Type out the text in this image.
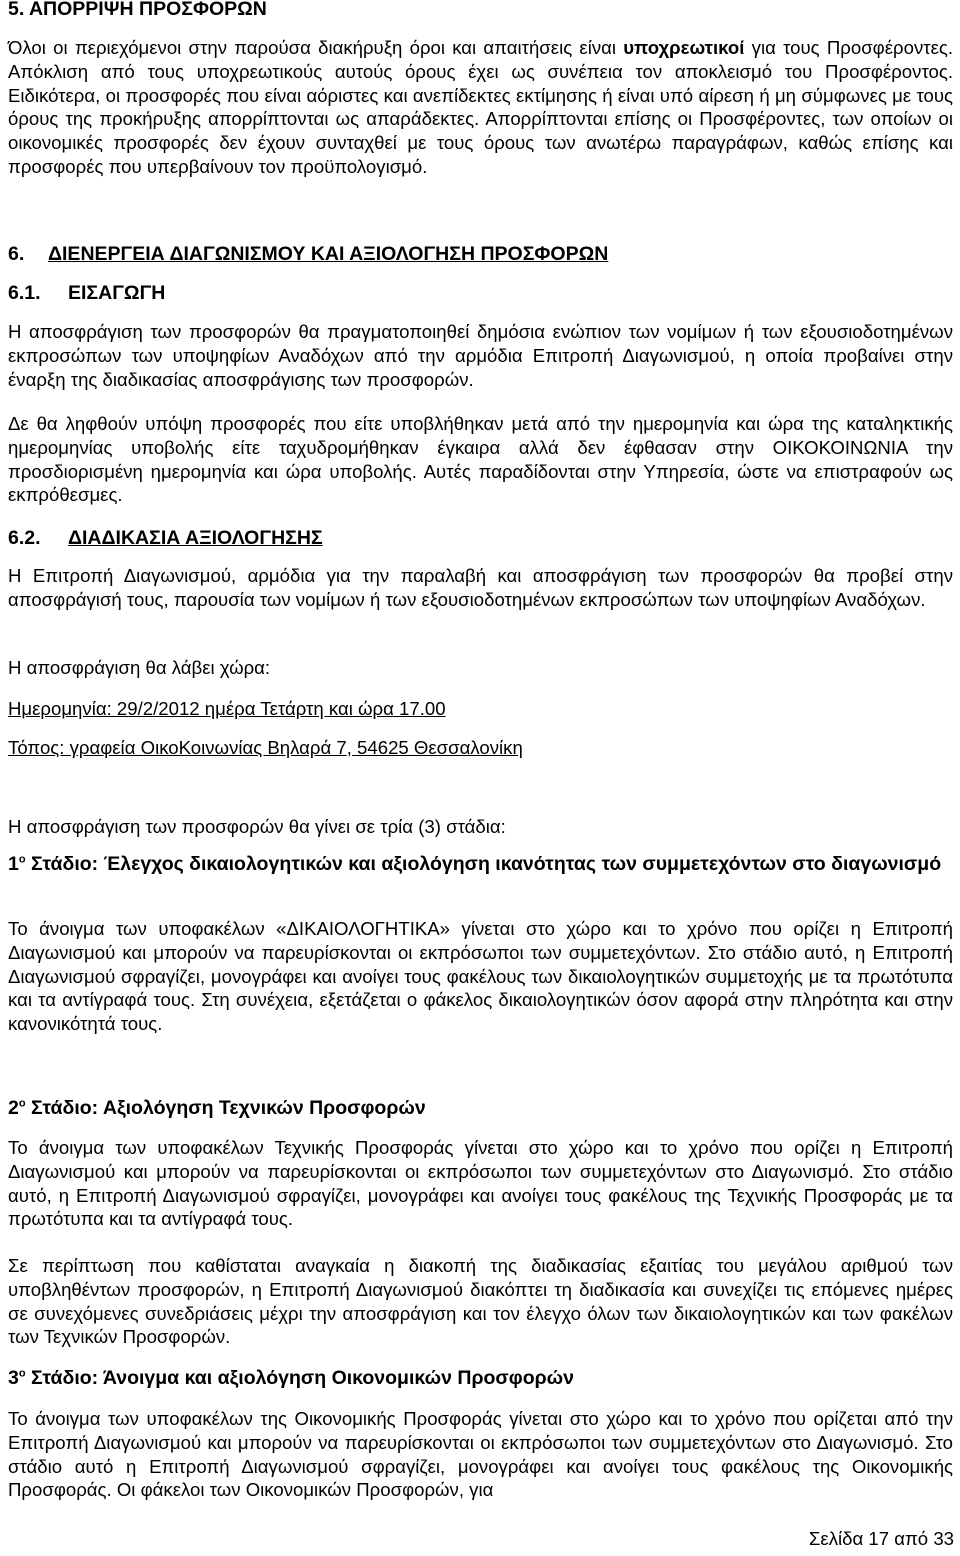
5. ΑΠΟΡΡΙΨΗ ΠΡΟΣΦΟΡΩΝ
Όλοι οι περιεχόμενοι στην παρούσα διακήρυξη όροι και απαιτήσεις είναι υποχρεωτικοί για τους Προσφέροντες. Απόκλιση από τους υποχρεωτικούς αυτούς όρους έχει ως συνέπεια τον αποκλεισμό του Προσφέροντος. Ειδικότερα, οι προσφορές που είναι αόριστες και ανεπίδεκτες εκτίμησης ή είναι υπό αίρεση ή μη σύμφωνες με τους όρους της προκήρυξης απορρίπτονται ως απαράδεκτες. Απορρίπτονται επίσης οι Προσφέροντες, των οποίων οι οικονομικές προσφορές δεν έχουν συνταχθεί με τους όρους των ανωτέρω παραγράφων, καθώς επίσης και προσφορές που υπερβαίνουν τον προϋπολογισμό.
6. ΔΙΕΝΕΡΓΕΙΑ ΔΙΑΓΩΝΙΣΜΟΥ ΚΑΙ ΑΞΙΟΛΟΓΗΣΗ ΠΡΟΣΦΟΡΩΝ
6.1. ΕΙΣΑΓΩΓΗ
Η αποσφράγιση των προσφορών θα πραγματοποιηθεί δημόσια ενώπιον των νομίμων ή των εξουσιοδοτημένων εκπροσώπων των υποψηφίων Αναδόχων από την αρμόδια Επιτροπή Διαγωνισμού, η οποία προβαίνει στην έναρξη της διαδικασίας αποσφράγισης των προσφορών.
Δε θα ληφθούν υπόψη προσφορές που είτε υποβλήθηκαν μετά από την ημερομηνία και ώρα της καταληκτικής ημερομηνίας υποβολής είτε ταχυδρομήθηκαν έγκαιρα αλλά δεν έφθασαν στην ΟΙΚΟΚΟΙΝΩΝΙΑ την προσδιορισμένη ημερομηνία και ώρα υποβολής. Αυτές παραδίδονται στην Υπηρεσία, ώστε να επιστραφούν ως εκπρόθεσμες.
6.2. ΔΙΑΔΙΚΑΣΙΑ ΑΞΙΟΛΟΓΗΣΗΣ
Η Επιτροπή Διαγωνισμού, αρμόδια για την παραλαβή και αποσφράγιση των προσφορών θα προβεί στην αποσφράγισή τους, παρουσία των νομίμων ή των εξουσιοδοτημένων εκπροσώπων των υποψηφίων Αναδόχων.
Η αποσφράγιση θα λάβει χώρα:
Ημερομηνία: 29/2/2012 ημέρα Τετάρτη και ώρα 17.00
Τόπος: γραφεία ΟικοΚοινωνίας Βηλαρά 7, 54625 Θεσσαλονίκη
Η αποσφράγιση των προσφορών θα γίνει σε τρία (3) στάδια:
$1^o$ Στάδιο: Έλεγχος δικαιολογητικών και αξιολόγηση ικανότητας των συμμετεχόντων στο διαγωνισμό
Το άνοιγμα των υποφακέλων «ΔΙΚΑΙΟΛΟΓΗΤΙΚΑ» γίνεται στο χώρο και το χρόνο που ορίζει η Επιτροπή Διαγωνισμού και μπορούν να παρευρίσκονται οι εκπρόσωποι των συμμετεχόντων. Στο στάδιο αυτό, η Επιτροπή Διαγωνισμού σφραγίζει, μονογράφει και ανοίγει τους φακέλους των δικαιολογητικών συμμετοχής με τα πρωτότυπα και τα αντίγραφά τους. Στη συνέχεια, εξετάζεται ο φάκελος δικαιολογητικών όσον αφορά στην πληρότητα και στην κανονικότητά τους.
$2^o$ Στάδιο: Αξιολόγηση Τεχνικών Προσφορών
Το άνοιγμα των υποφακέλων Τεχνικής Προσφοράς γίνεται στο χώρο και το χρόνο που ορίζει η Επιτροπή Διαγωνισμού και μπορούν να παρευρίσκονται οι εκπρόσωποι των συμμετεχόντων στο Διαγωνισμό. Στο στάδιο αυτό, η Επιτροπή Διαγωνισμού σφραγίζει, μονογράφει και ανοίγει τους φακέλους της Τεχνικής Προσφοράς με τα πρωτότυπα και τα αντίγραφά τους.
Σε περίπτωση που καθίσταται αναγκαία η διακοπή της διαδικασίας εξαιτίας του μεγάλου αριθμού των υποβληθέντων προσφορών, η Επιτροπή Διαγωνισμού διακόπτει τη διαδικασία και συνεχίζει τις επόμενες ημέρες σε συνεχόμενες συνεδριάσεις μέχρι την αποσφράγιση και τον έλεγχο όλων των δικαιολογητικών και των φακέλων των Τεχνικών Προσφορών.
$3^o$ Στάδιο: Άνοιγμα και αξιολόγηση Οικονομικών Προσφορών
Το άνοιγμα των υποφακέλων της Οικονομικής Προσφοράς γίνεται στο χώρο και το χρόνο που ορίζεται από την Επιτροπή Διαγωνισμού και μπορούν να παρευρίσκονται οι εκπρόσωποι των συμμετεχόντων στο Διαγωνισμό. Στο στάδιο αυτό η Επιτροπή Διαγωνισμού σφραγίζει, μονογράφει και ανοίγει τους φακέλους της Οικονομικής Προσφοράς. Οι φάκελοι των Οικονομικών Προσφορών, για
Σελίδα 17 από 33
